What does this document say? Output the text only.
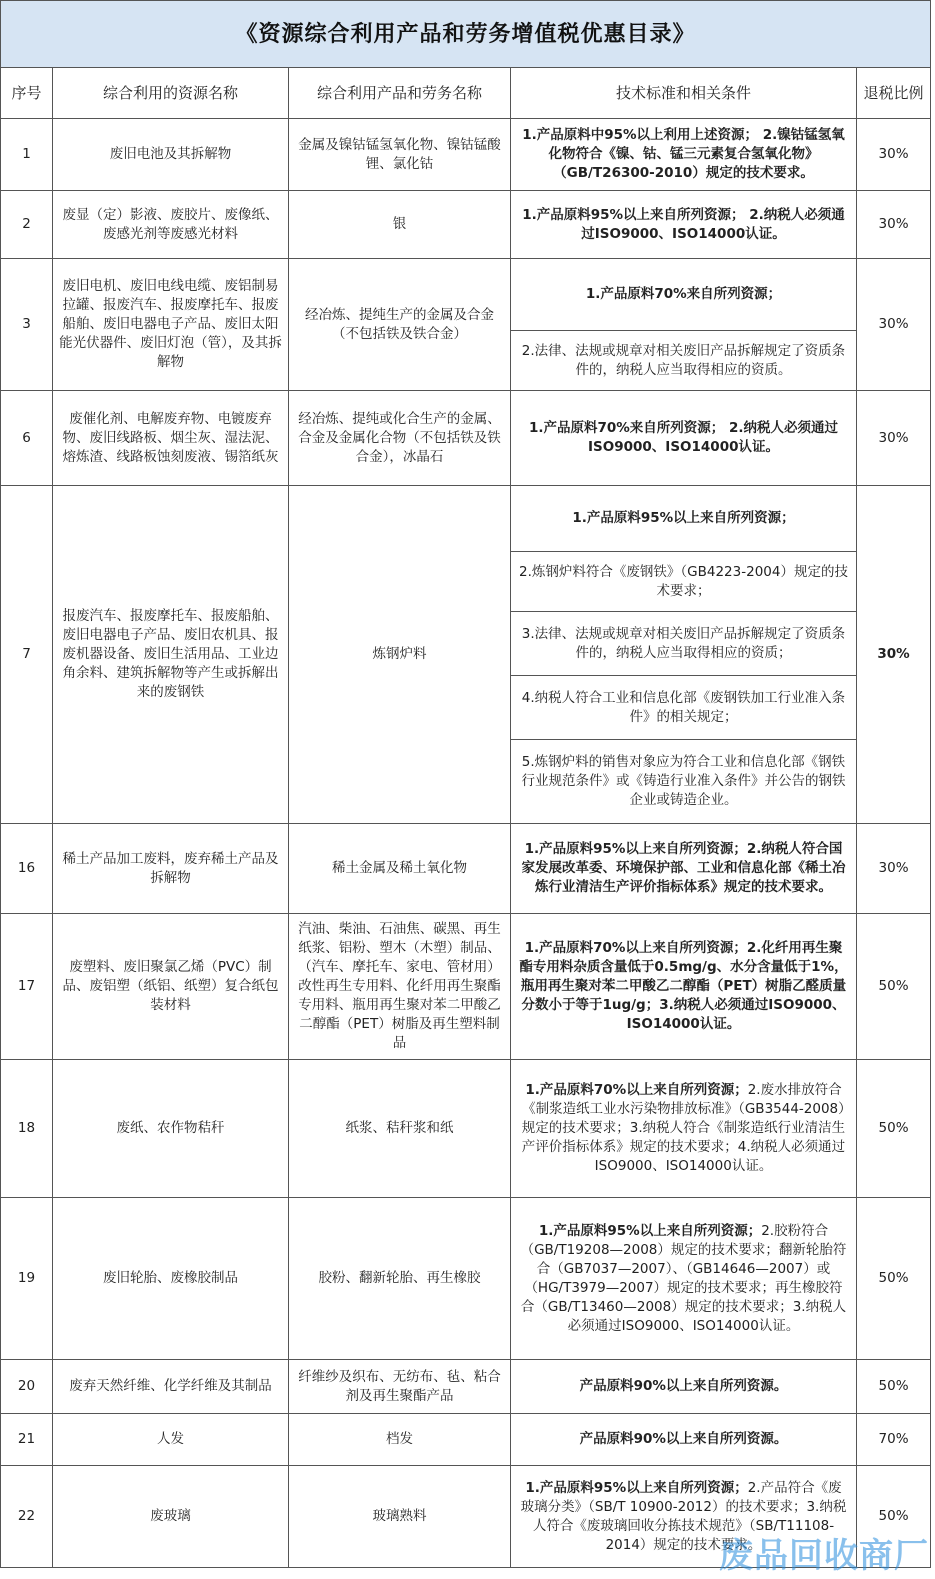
《资源综合利用产品和劳务增值税优惠目录》				
序号	综合利用的资源名称	综合利用产品和劳务名称	技术标准和相关条件	退税比例
1	废旧电池及其拆解物	金属及镍钴锰氢氧化物、镍钴锰酸锂、氯化钴	1.产品原料中95%以上利用上述资源； 2.镍钴锰氢氧化物符合《镍、钴、锰三元素复合氢氧化物》（GB/T26300-2010）规定的技术要求。	30%
2	废显（定）影液、废胶片、废像纸、废感光剂等废感光材料	银	1.产品原料95%以上来自所列资源； 2.纳税人必须通过ISO9000、ISO14000认证。	30%
3	废旧电机、废旧电线电缆、废铝制易拉罐、报废汽车、报废摩托车、报废船舶、废旧电器电子产品、废旧太阳能光伏器件、废旧灯泡（管），及其拆解物	经冶炼、提纯生产的金属及合金（不包括铁及铁合金）	1.产品原料70%来自所列资源；	30%
			2.法律、法规或规章对相关废旧产品拆解规定了资质条件的，纳税人应当取得相应的资质。	
6	废催化剂、电解废弃物、电镀废弃物、废旧线路板、烟尘灰、湿法泥、熔炼渣、线路板蚀刻废液、锡箔纸灰	经冶炼、提纯或化合生产的金属、合金及金属化合物（不包括铁及铁合金），冰晶石	1.产品原料70%来自所列资源； 2.纳税人必须通过ISO9000、ISO14000认证。	30%
7	报废汽车、报废摩托车、报废船舶、废旧电器电子产品、废旧农机具、报废机器设备、废旧生活用品、工业边角余料、建筑拆解物等产生或拆解出来的废钢铁	炼钢炉料	1.产品原料95%以上来自所列资源；	30%
			2.炼钢炉料符合《废钢铁》（GB4223-2004）规定的技术要求；	
			3.法律、法规或规章对相关废旧产品拆解规定了资质条件的，纳税人应当取得相应的资质；	
			4.纳税人符合工业和信息化部《废钢铁加工行业准入条件》的相关规定；	
			5.炼钢炉料的销售对象应为符合工业和信息化部《钢铁行业规范条件》或《铸造行业准入条件》并公告的钢铁企业或铸造企业。	
16	稀土产品加工废料，废弃稀土产品及拆解物	稀土金属及稀土氧化物	1.产品原料95%以上来自所列资源；2.纳税人符合国家发展改革委、环境保护部、工业和信息化部《稀土冶炼行业清洁生产评价指标体系》规定的技术要求。	30%
17	废塑料、废旧聚氯乙烯（PVC）制品、废铝塑（纸铝、纸塑）复合纸包装材料	汽油、柴油、石油焦、碳黑、再生纸浆、铝粉、塑木（木塑）制品、（汽车、摩托车、家电、管材用）改性再生专用料、化纤用再生聚酯专用料、瓶用再生聚对苯二甲酸乙二醇酯（PET）树脂及再生塑料制品	1.产品原料70%以上来自所列资源；2.化纤用再生聚酯专用料杂质含量低于0.5mg/g、水分含量低于1%，瓶用再生聚对苯二甲酸乙二醇酯（PET）树脂乙醛质量分数小于等于1ug/g；3.纳税人必须通过ISO9000、ISO14000认证。	50%
18	废纸、农作物秸秆	纸浆、秸秆浆和纸	1.产品原料70%以上来自所列资源；2.废水排放符合《制浆造纸工业水污染物排放标准》（GB3544-2008）规定的技术要求；3.纳税人符合《制浆造纸行业清洁生产评价指标体系》规定的技术要求；4.纳税人必须通过ISO9000、ISO14000认证。	50%
19	废旧轮胎、废橡胶制品	胶粉、翻新轮胎、再生橡胶	1.产品原料95%以上来自所列资源；2.胶粉符合（GB/T19208—2008）规定的技术要求；翻新轮胎符合（GB7037—2007）、（GB14646—2007）或（HG/T3979—2007）规定的技术要求；再生橡胶符合（GB/T13460—2008）规定的技术要求；3.纳税人必须通过ISO9000、ISO14000认证。	50%
20	废弃天然纤维、化学纤维及其制品	纤维纱及织布、无纺布、毡、粘合剂及再生聚酯产品	产品原料90%以上来自所列资源。	50%
21	人发	档发	产品原料90%以上来自所列资源。	70%
22	废玻璃	玻璃熟料	1.产品原料95%以上来自所列资源；2.产品符合《废玻璃分类》（SB/T 10900-2012）的技术要求；3.纳税人符合《废玻璃回收分拣技术规范》（SB/T11108-2014）规定的技术要求。	50%
废品回收商厂
